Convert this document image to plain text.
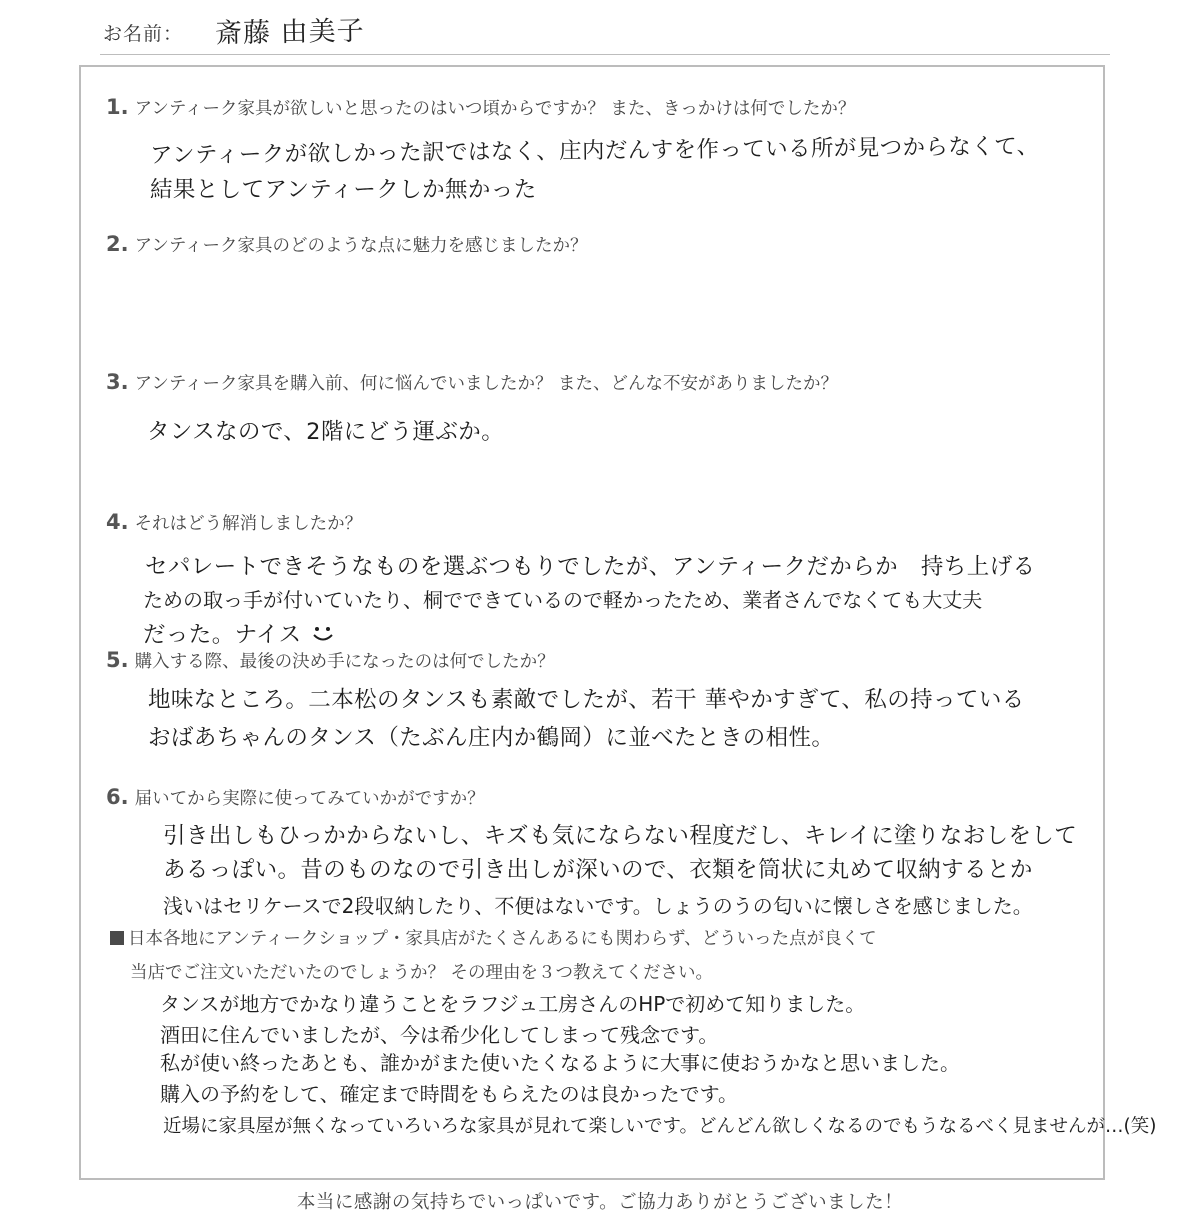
お名前： 斎藤 由美子
1. アンティーク家具が欲しいと思ったのはいつ頃からですか？ また、きっかけは何でしたか？
アンティークが欲しかった訳ではなく、庄内だんすを作っている所が見つからなくて、
結果としてアンティークしか無かった
2. アンティーク家具のどのような点に魅力を感じましたか？
3. アンティーク家具を購入前、何に悩んでいましたか？ また、どんな不安がありましたか？
タンスなので、2階にどう運ぶか。
4. それはどう解消しましたか？
セパレートできそうなものを選ぶつもりでしたが、アンティークだからか　持ち上げる
ための取っ手が付いていたり、桐でできているので軽かったため、業者さんでなくても大丈夫
だった。ナイス
5. 購入する際、最後の決め手になったのは何でしたか？
地味なところ。二本松のタンスも素敵でしたが、若干 華やかすぎて、私の持っている
おばあちゃんのタンス（たぶん庄内か鶴岡）に並べたときの相性。
6. 届いてから実際に使ってみていかがですか？
引き出しもひっかからないし、キズも気にならない程度だし、キレイに塗りなおしをして
あるっぽい。昔のものなので引き出しが深いので、衣類を筒状に丸めて収納するとか
浅いはセリケースで2段収納したり、不便はないです。しょうのうの匂いに懐しさを感じました。
日本各地にアンティークショップ・家具店がたくさんあるにも関わらず、どういった点が良くて
当店でご注文いただいたのでしょうか？ その理由を３つ教えてください。
タンスが地方でかなり違うことをラフジュ工房さんのHPで初めて知りました。
酒田に住んでいましたが、今は希少化してしまって残念です。
私が使い終ったあとも、誰かがまた使いたくなるように大事に使おうかなと思いました。
購入の予約をして、確定まで時間をもらえたのは良かったです。
近場に家具屋が無くなっていろいろな家具が見れて楽しいです。どんどん欲しくなるのでもうなるべく見ませんが…(笑)
本当に感謝の気持ちでいっぱいです。ご協力ありがとうございました！
